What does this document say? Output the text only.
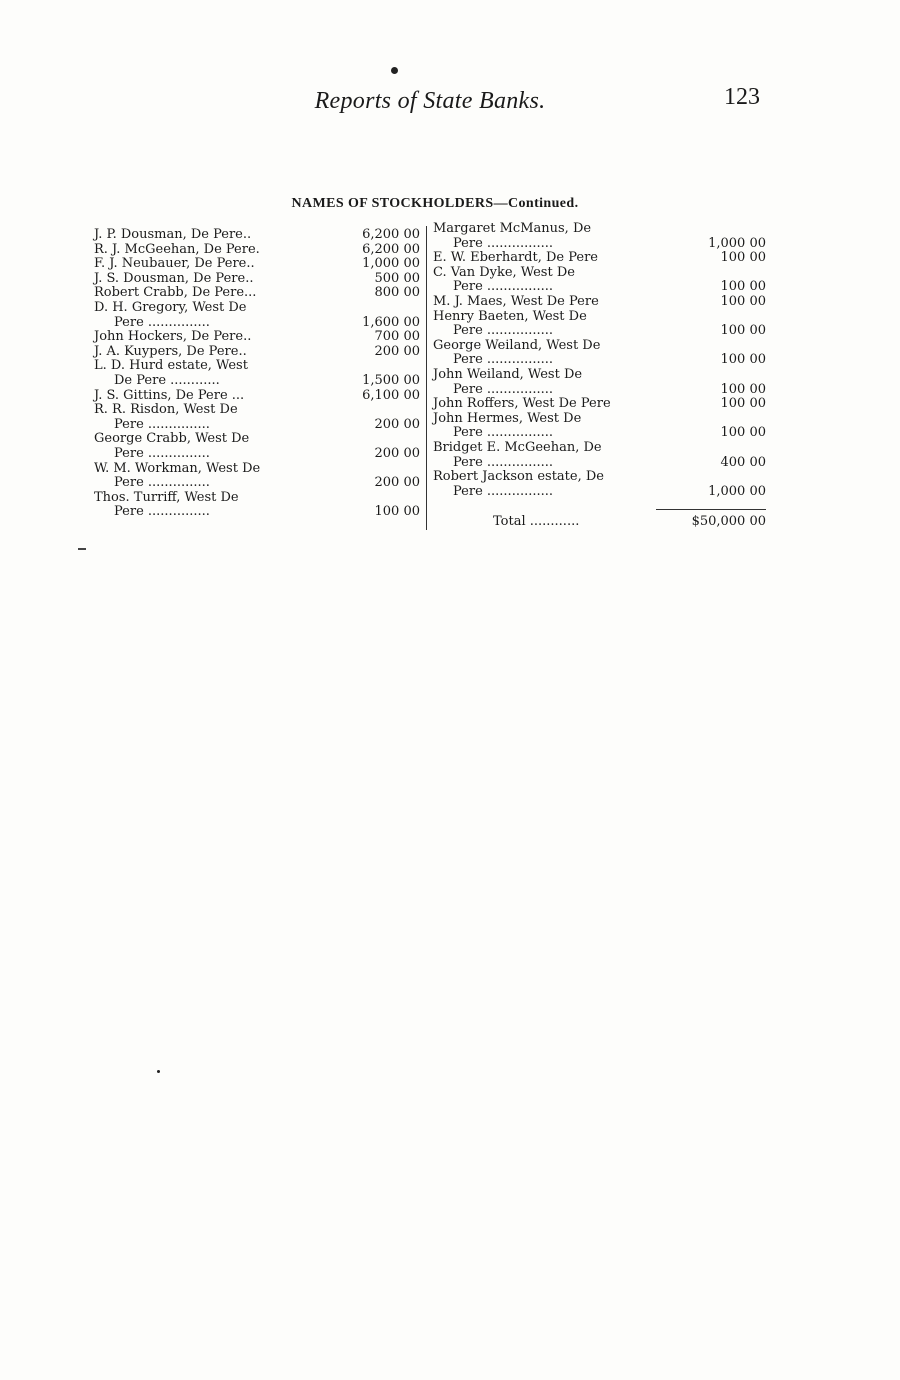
Reports of State Banks.	123
NAMES OF STOCKHOLDERS—Continued.
J. P. Dousman, De Pere..	6,200 00
R. J. McGeehan, De Pere.	6,200 00
F. J. Neubauer, De Pere..	1,000 00
J. S. Dousman, De Pere..	500 00
Robert Crabb, De Pere...	800 00
D. H. Gregory, West De
Pere ...............	1,600 00
John Hockers, De Pere..	700 00
J. A. Kuypers, De Pere..	200 00
L. D. Hurd estate, West
De Pere ............	1,500 00
J. S. Gittins, De Pere ...	6,100 00
R. R. Risdon, West De
Pere ...............	200 00
George Crabb, West De
Pere ...............	200 00
W. M. Workman, West De
Pere ...............	200 00
Thos. Turriff, West De
Pere ...............	100 00
Margaret McManus, De
Pere ................	1,000 00
E. W. Eberhardt, De Pere	100 00
C. Van Dyke, West De
Pere ................	100 00
M. J. Maes, West De Pere	100 00
Henry Baeten, West De
Pere ................	100 00
George Weiland, West De
Pere ................	100 00
John Weiland, West De
Pere ................	100 00
John Roffers, West De Pere	100 00
John Hermes, West De
Pere ................	100 00
Bridget E. McGeehan, De
Pere ................	400 00
Robert Jackson estate, De
Pere ................	1,000 00
Total ............	$50,000 00
